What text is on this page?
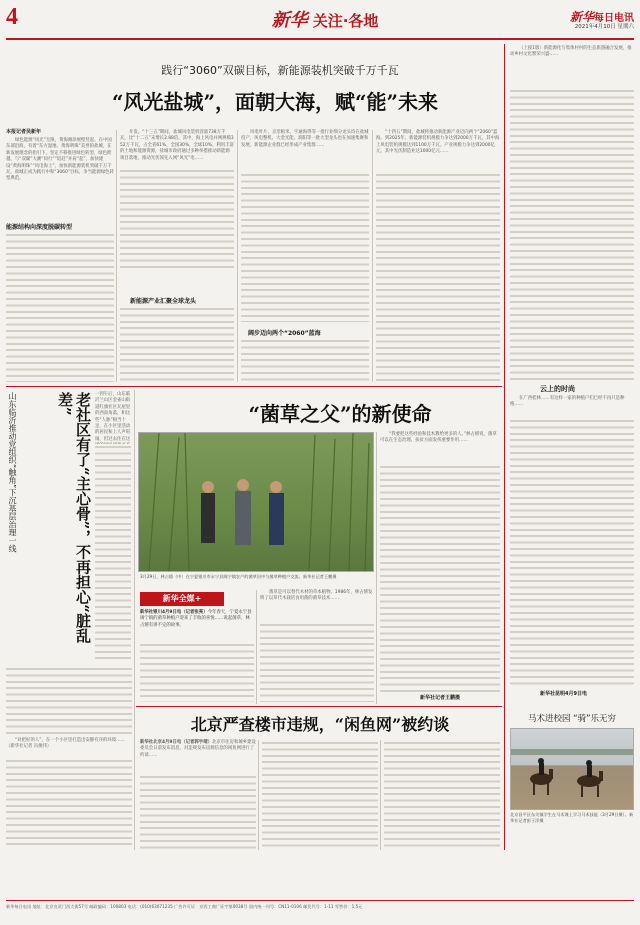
4	新华 关注·各地	新华每日电讯
2021年4月10日 星期六
践行“3060”双碳目标，新能源装机突破千万千瓦
“风光盐城”，面朝大海，赋“能”未来
本报记者吴新年

绿色能源“风光”无限，黄海滩涂展壁竖起。在中国东部沿海，有着“东方湿地、黄海明珠”美誉的盐城，在新发展理念的指引下，坚定不移推进绿色转型，绿色跨越，与“双碳”大潮“同行”“追赶”并肩“起”，加快建设“黄海明珠”“风电海上”，加快新能源装机突破千万千瓦，盐城正成为践行中和“3060”目标，争当能源绿色转型典范。

能源结构向深度脱碳转型

开发。“十三五”期间，盐城风电装机容量738万千瓦，比“十二五”末增长2.88倍，其中，海上风电并网规模352万千瓦，占全省61%，全国30%，全球10%。利用丰富的土地和能源资源，盐城市政府通过多种举措推动新能源项目落地，推动光伏领先入网“风光”电……

新能源产业汇聚全球龙头

风电叶片，京沿帕米，宇通海得等一批行业细分龙头均在盐城投产，风电整机、大金光能、润阳等一批大型龙头也在加速集聚和发展，新能源企业群已经形成产业集群……

阔步迈向两个“2060”蓝海

“十四五”期间，盐城将推动新能源产业迈向两个“2060”蓝海。到2025年，新能源装机规模力争达到2000万千瓦，其中海上风电装机规模达到1100万千瓦。产业规模力争达到2000亿元，其中光伏制造业达1000亿元……

（上接1版）新能源化与集体村村的生态旅游融合发展，推动乡村文化繁荣兴盛……

云上的时尚

在广西桂林……有这样一家的种植户们已经不再只是种植……

新华社昆明4月9日电
马术进校园 “骑”乐无穷
北京昌平区东关镇学生在马术课上学习马术技能（3月29日摄）。新华社记者彭子洋摄
山东临沂推动党组织“触角”下沉基层治理一线	老社区有了“主心骨”，不再担心“脏乱差”	一到午后，山东临沂兰山区金雀山街道红旗社区瓦屋里的西南角落，和这些“人脉”相当十足，在小区里活动的居民和上人声喧闹，但过去住在这

“对把好的人”，在一个小区里打造出安静有序的环境……（新华社记者 冯俊伟）

“菌草之父”的新使命
3月29日，林占熺（中）在宁夏银川市永宁县闽宁镇农户的菌草田中与菌草种植户交流。新华社记者王鹏摄
新华全媒+
新华社银川4月9日电（记者张亮）今年春天，宁夏永宁县闽宁镇的菌草种植户迎来了丰收的喜悦……说起菌草，林占熺有讲不完的故事。

菌草是可以替代木材的草本植物。1986年，林占熺发明了以草代木栽培食用菌的菌草技术……

“我要把这些经验和技术教给更多的人。”林占熺说，菌草可以在生态治理、扶贫方面发挥重要作用……

新华社记者王鹏摄
北京严查楼市违规，“闲鱼网”被约谈
新华社北京4月9日电（记者郭宇靖）北京市住房和城乡建设委员会日前发布消息，对违规发布房源信息的闲鱼网进行了约谈……
新华每日电讯 地址：北京宣武门西大街57号 邮政编码：100803 电话：(010)63071235 广告许可证：京西工商广证字第0038号 国内统一刊号：CN11-0106 邮发代号：1-11 零售价：1.5元
